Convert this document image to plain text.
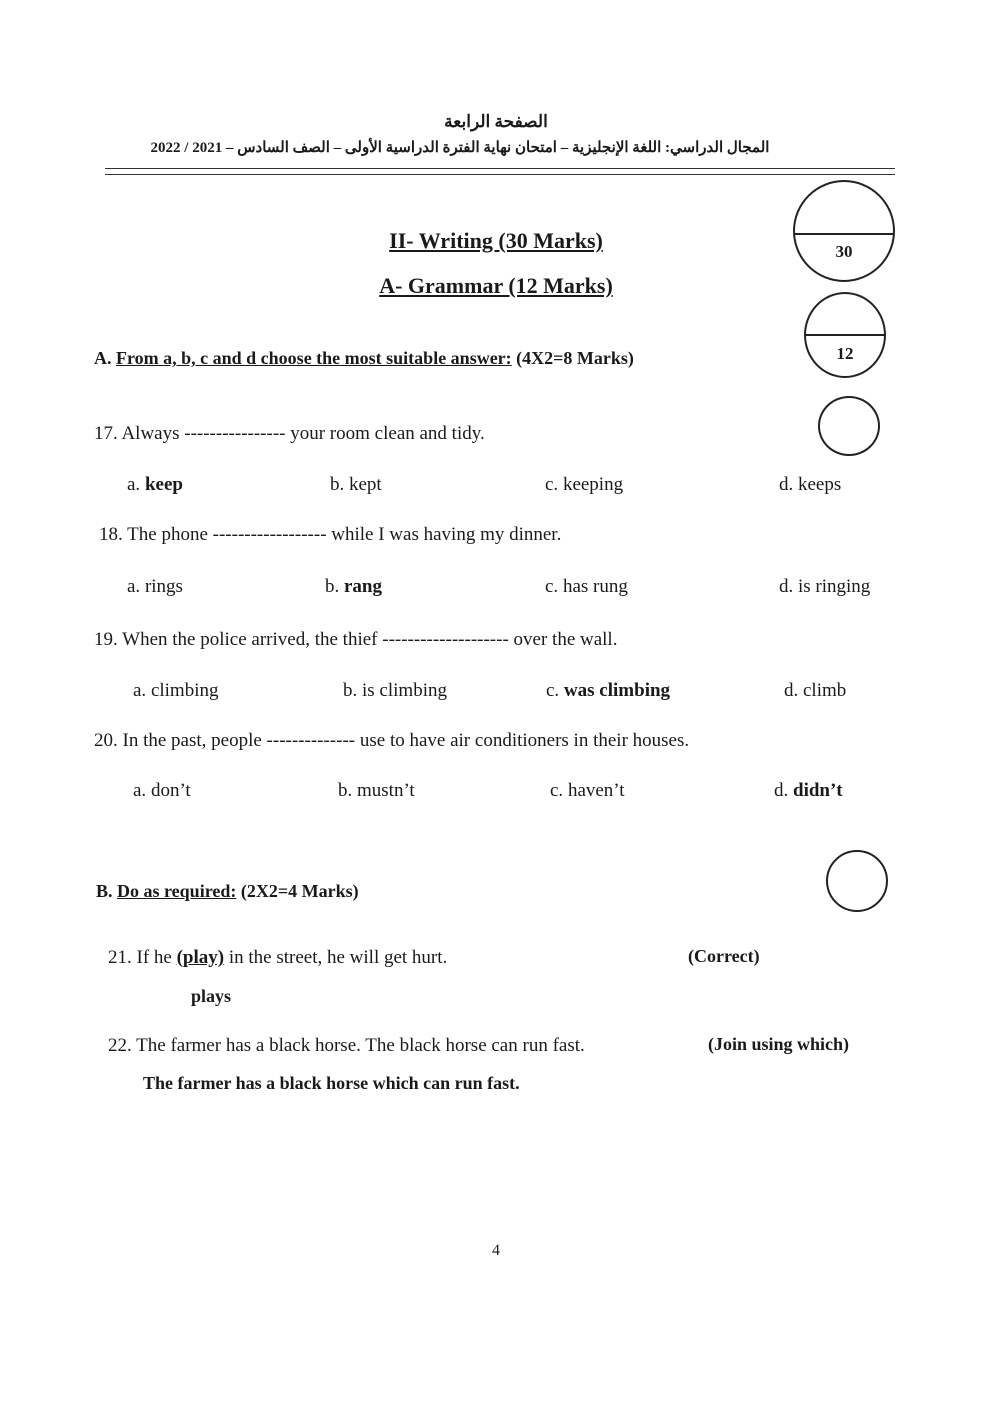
الصفحة الرابعة
المجال الدراسي: اللغة الإنجليزية – امتحان نهاية الفترة الدراسية الأولى – الصف السادس – 2021 / 2022
II- Writing (30 Marks)
A- Grammar (12 Marks)
30
12
A. From a, b, c and d choose the most suitable answer: (4X2=8 Marks)
17. Always ---------------- your room clean and tidy.
a. keep	b. kept	c. keeping	d. keeps
18. The phone ------------------ while I was having my dinner.
a. rings	b. rang	c. has rung	d. is ringing
19. When the police arrived, the thief -------------------- over the wall.
a. climbing	b. is climbing	c. was climbing	d. climb
20. In the past, people -------------- use to have air conditioners in their houses.
a. don’t	b. mustn’t	c. haven’t	d. didn’t
B. Do as required: (2X2=4 Marks)
21. If he (play) in the street, he will get hurt.	(Correct)
plays
22. The farmer has a black horse. The black horse can run fast.	(Join using which)
The farmer has a black horse which can run fast.
4
